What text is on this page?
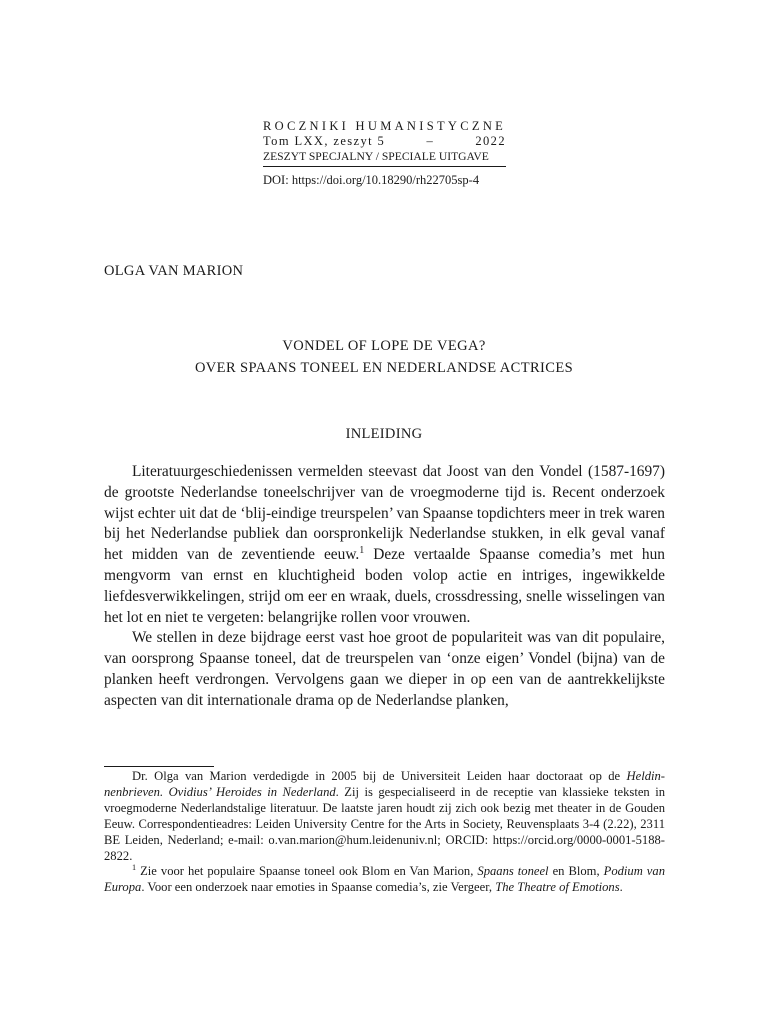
ROCZNIKI HUMANISTYCZNE
Tom LXX, zeszyt 5	–	2022
ZESZYT SPECJALNY / SPECIALE UITGAVE
DOI: https://doi.org/10.18290/rh22705sp-4
OLGA VAN MARION
VONDEL OF LOPE DE VEGA?
OVER SPAANS TONEEL EN NEDERLANDSE ACTRICES
INLEIDING

Literatuurgeschiedenissen vermelden steevast dat Joost van den Vondel (1587-1697) de grootste Nederlandse toneelschrijver van de vroegmoderne tijd is. Recent onderzoek wijst echter uit dat de ‘blij-eindige treurspelen’ van Spaanse topdichters meer in trek waren bij het Nederlandse publiek dan oorspronkelijk Nederlandse stukken, in elk geval vanaf het midden van de zeventiende eeuw.$^1$ Deze vertaalde Spaanse comedia’s met hun mengvorm van ernst en kluchtigheid boden volop actie en intriges, ingewikkelde liefdesverwikkelingen, strijd om eer en wraak, duels, crossdressing, snelle wisselingen van het lot en niet te vergeten: belangrijke rollen voor vrouwen.

We stellen in deze bijdrage eerst vast hoe groot de populariteit was van dit populaire, van oorsprong Spaanse toneel, dat de treurspelen van ‘onze eigen’ Vondel (bijna) van de planken heeft verdrongen. Vervolgens gaan we dieper in op een van de aantrekkelijkste aspecten van dit internationale drama op de Nederlandse planken,

Dr. Olga van Marion verdedigde in 2005 bij de Universiteit Leiden haar doctoraat op de Heldinnenbrieven. Ovidius’ Heroides in Nederland. Zij is gespecialiseerd in de receptie van klassieke teksten in vroegmoderne Nederlandstalige literatuur. De laatste jaren houdt zij zich ook bezig met theater in de Gouden Eeuw. Correspondentieadres: Leiden University Centre for the Arts in Society, Reuvensplaats 3-4 (2.22), 2311 BE Leiden, Nederland; e-mail: o.van.marion@hum.leidenuniv.nl; ORCID: https://orcid.org/0000-0001-5188-2822.

$^1$ Zie voor het populaire Spaanse toneel ook Blom en Van Marion, Spaans toneel en Blom, Podium van Europa. Voor een onderzoek naar emoties in Spaanse comedia’s, zie Vergeer, The Theatre of Emotions.
